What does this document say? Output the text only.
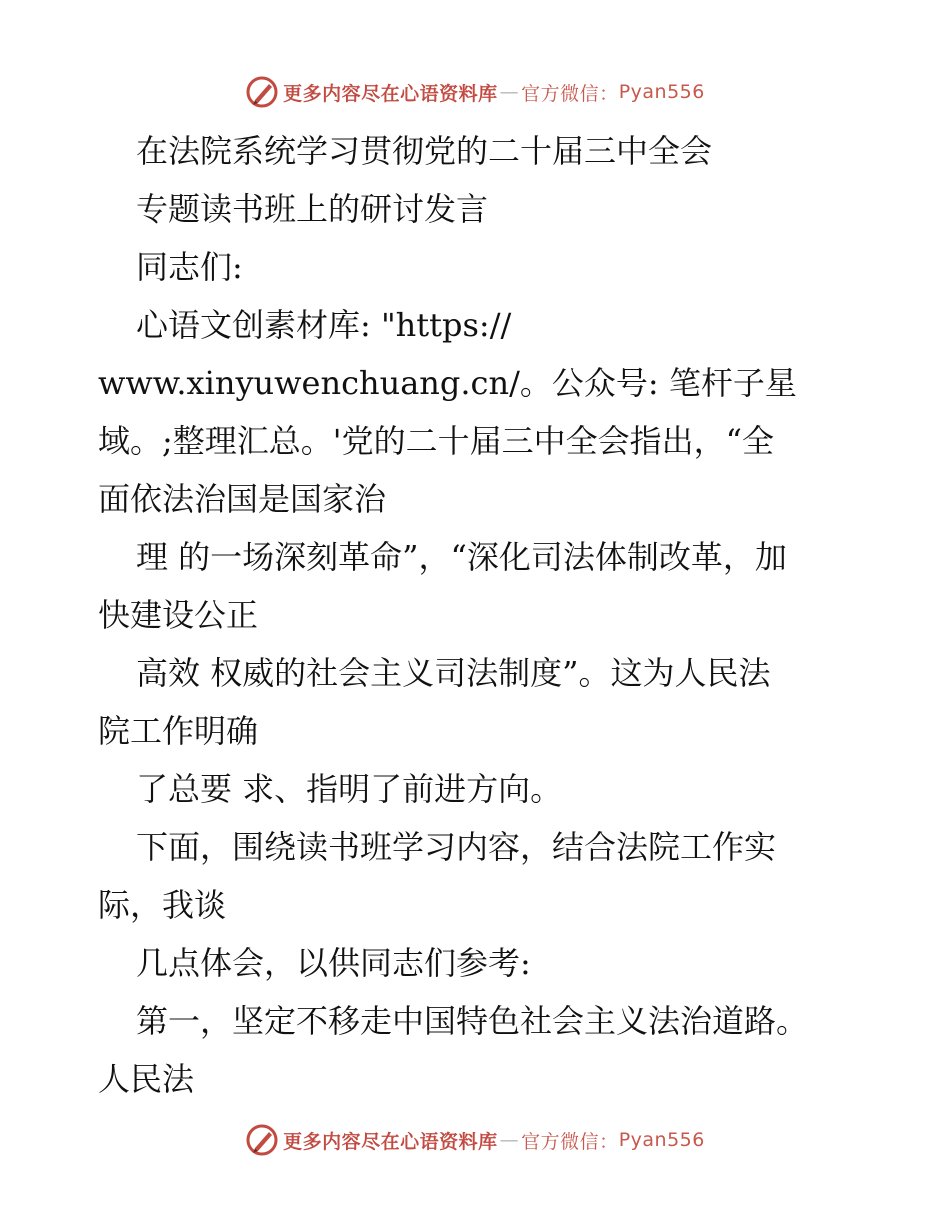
更多内容尽在心语资料库 — 官方微信： Pyan556

在法院系统学习贯彻党的二十届三中全会

专题读书班上的研讨发言

同志们:

心语文创素材库: "https://

www.xinyuwenchuang.cn/。公众号: 笔杆子星

域。;整理汇总。'党的二十届三中全会指出，“全

面依法治国是国家治

理 的一场深刻革命”，“深化司法体制改革，加

快建设公正

高效 权威的社会主义司法制度”。这为人民法

院工作明确

了总要 求、指明了前进方向。

下面，围绕读书班学习内容，结合法院工作实

际，我谈

几点体会，以供同志们参考:

第一，坚定不移走中国特色社会主义法治道路。

人民法

更多内容尽在心语资料库 — 官方微信： Pyan556
